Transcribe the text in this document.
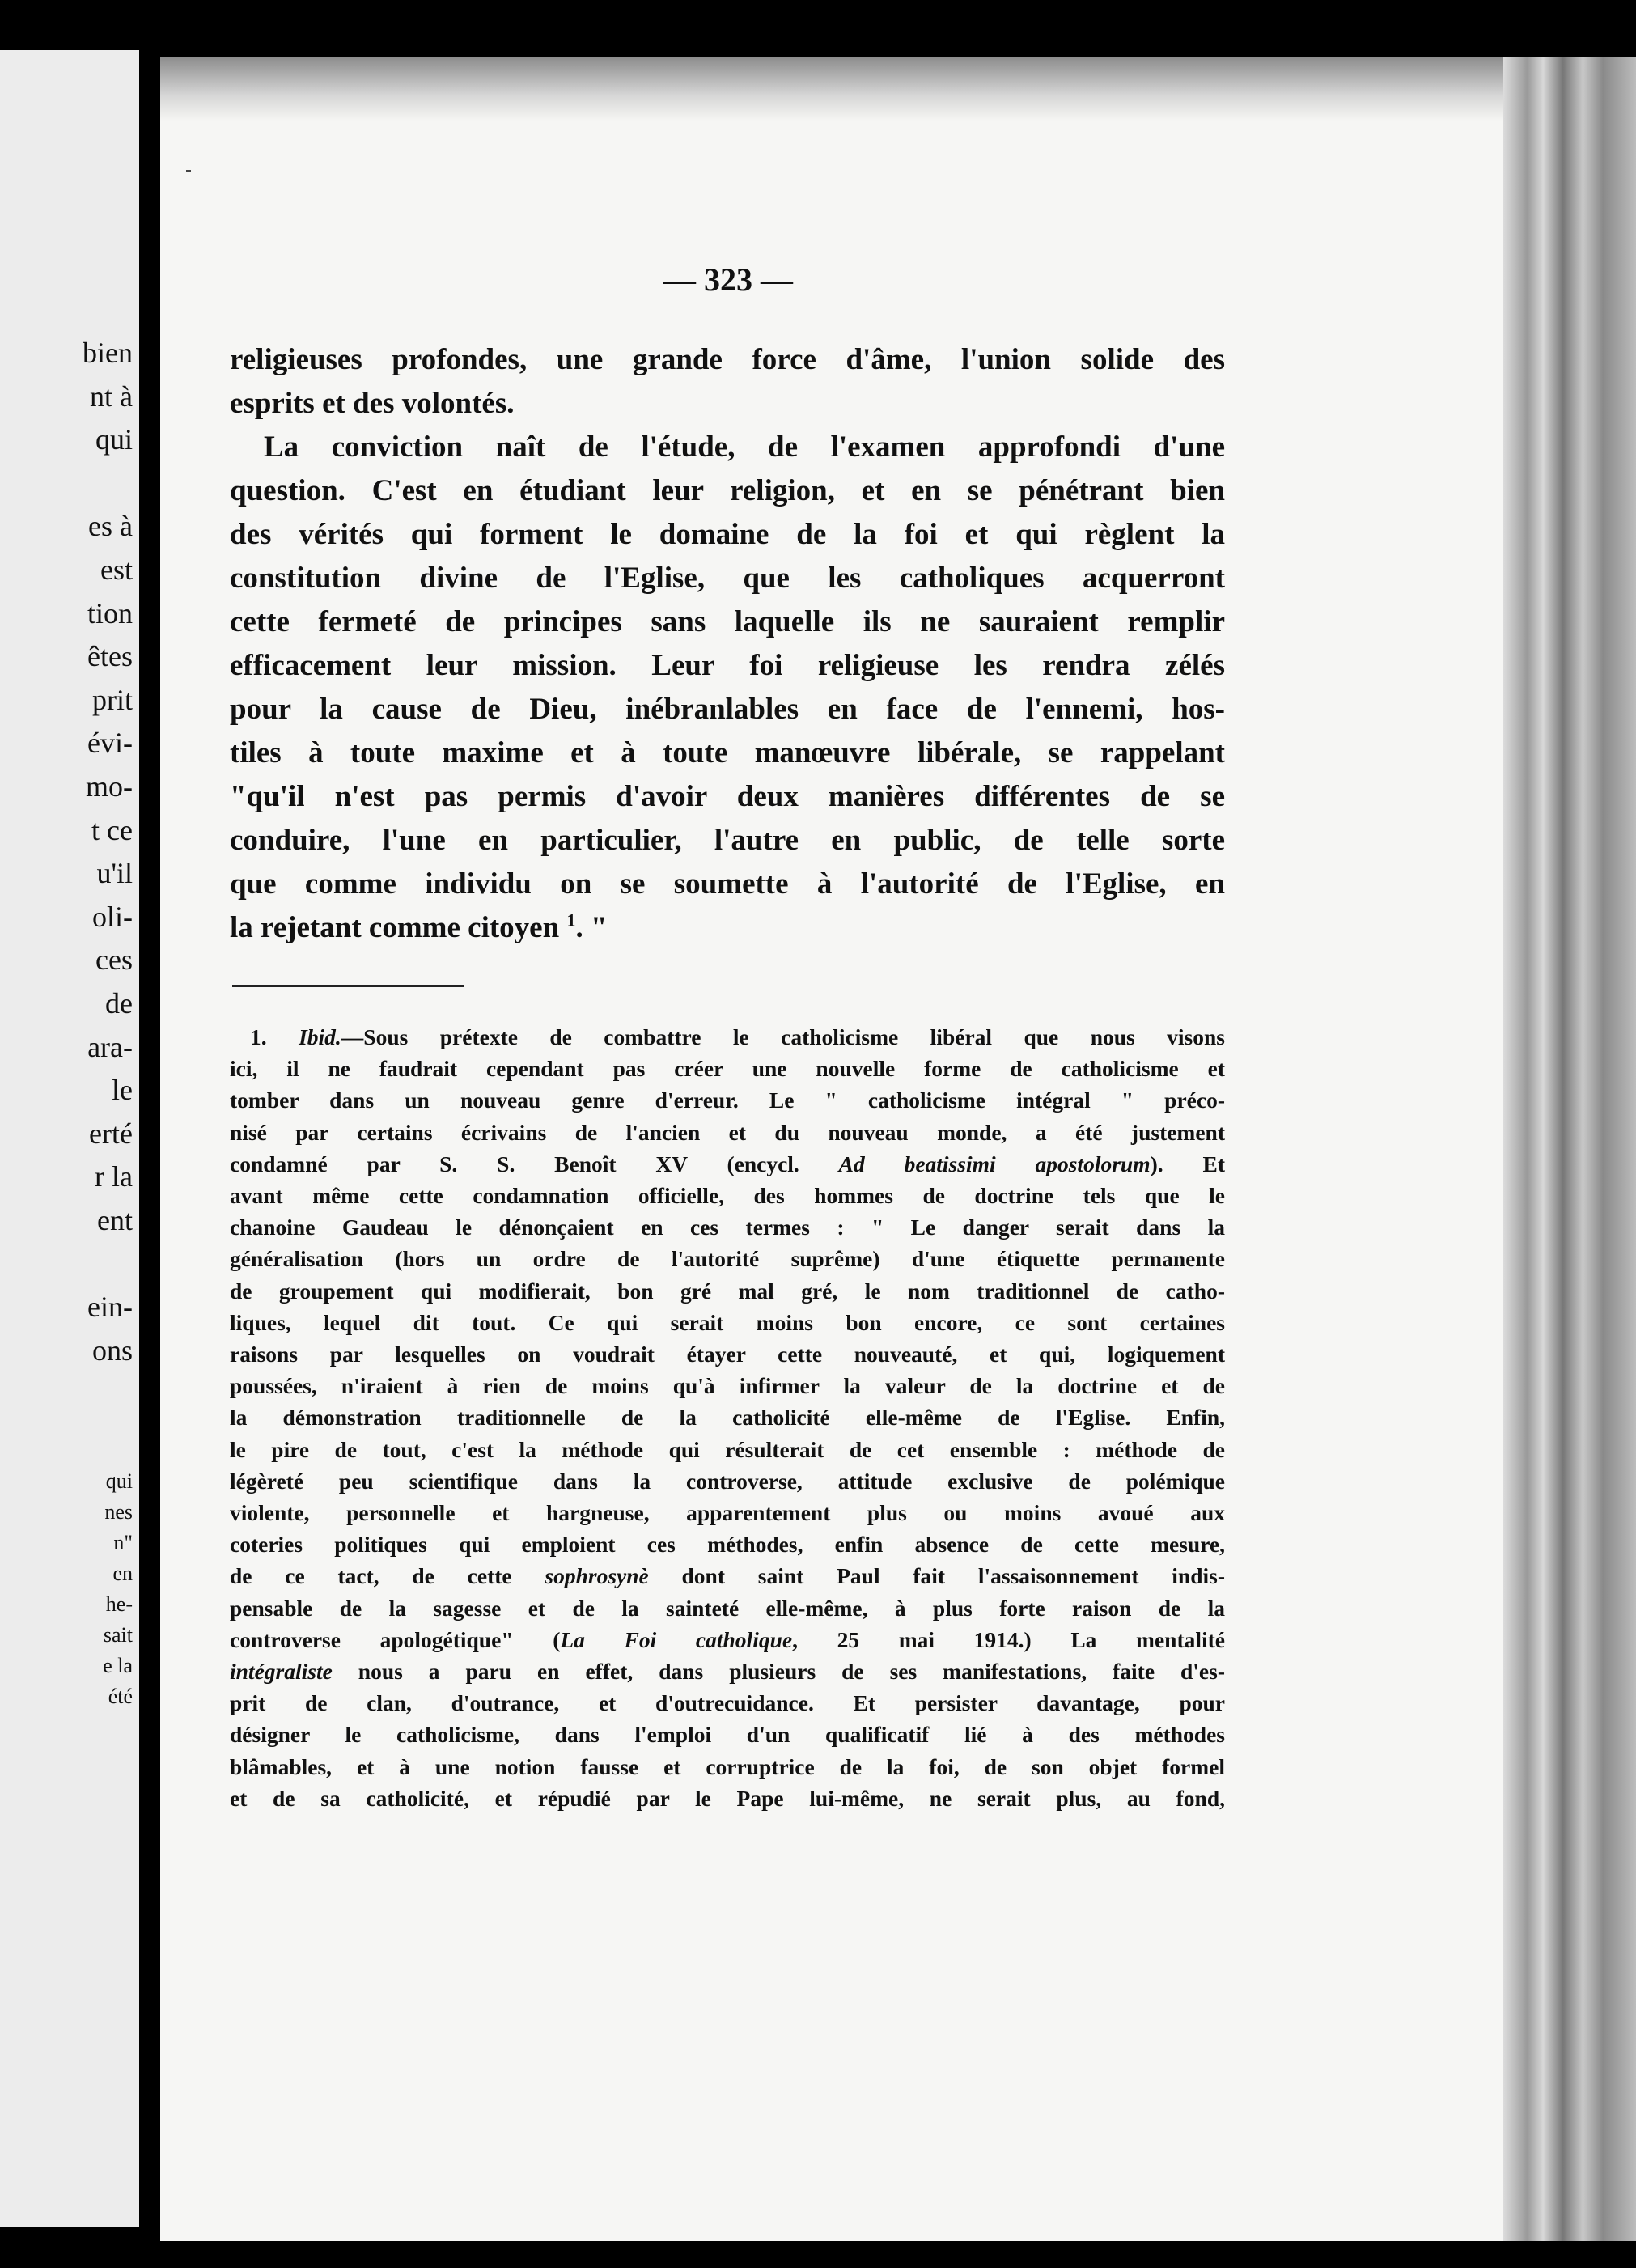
bien
nt à
qui

es à
est
tion
êtes
prit
évi-
mo-
t ce
u'il
oli-
ces
de
ara-
le
erté
r la
ent

ein-
ons
qui
nes
n"
en
he-
sait
e la
été
— 323 —
religieuses profondes, une grande force d'âme, l'union solide des
esprits et des volontés.
La conviction naît de l'étude, de l'examen approfondi d'une
question. C'est en étudiant leur religion, et en se pénétrant bien
des vérités qui forment le domaine de la foi et qui règlent la
constitution divine de l'Eglise, que les catholiques acquerront
cette fermeté de principes sans laquelle ils ne sauraient remplir
efficacement leur mission. Leur foi religieuse les rendra zélés
pour la cause de Dieu, inébranlables en face de l'ennemi, hos-
tiles à toute maxime et à toute manœuvre libérale, se rappelant
"qu'il n'est pas permis d'avoir deux manières différentes de se
conduire, l'une en particulier, l'autre en public, de telle sorte
que comme individu on se soumette à l'autorité de l'Eglise, en
la rejetant comme citoyen $^1$. "
1. Ibid.—Sous prétexte de combattre le catholicisme libéral que nous visons
ici, il ne faudrait cependant pas créer une nouvelle forme de catholicisme et
tomber dans un nouveau genre d'erreur. Le " catholicisme intégral " préco-
nisé par certains écrivains de l'ancien et du nouveau monde, a été justement
condamné par S. S. Benoît XV (encycl. Ad beatissimi apostolorum). Et
avant même cette condamnation officielle, des hommes de doctrine tels que le
chanoine Gaudeau le dénonçaient en ces termes : " Le danger serait dans la
généralisation (hors un ordre de l'autorité suprême) d'une étiquette permanente
de groupement qui modifierait, bon gré mal gré, le nom traditionnel de catho-
liques, lequel dit tout. Ce qui serait moins bon encore, ce sont certaines
raisons par lesquelles on voudrait étayer cette nouveauté, et qui, logiquement
poussées, n'iraient à rien de moins qu'à infirmer la valeur de la doctrine et de
la démonstration traditionnelle de la catholicité elle-même de l'Eglise. Enfin,
le pire de tout, c'est la méthode qui résulterait de cet ensemble : méthode de
légèreté peu scientifique dans la controverse, attitude exclusive de polémique
violente, personnelle et hargneuse, apparentement plus ou moins avoué aux
coteries politiques qui emploient ces méthodes, enfin absence de cette mesure,
de ce tact, de cette sophrosynè dont saint Paul fait l'assaisonnement indis-
pensable de la sagesse et de la sainteté elle-même, à plus forte raison de la
controverse apologétique" (La Foi catholique, 25 mai 1914.) La mentalité
intégraliste nous a paru en effet, dans plusieurs de ses manifestations, faite d'es-
prit de clan, d'outrance, et d'outrecuidance. Et persister davantage, pour
désigner le catholicisme, dans l'emploi d'un qualificatif lié à des méthodes
blâmables, et à une notion fausse et corruptrice de la foi, de son objet formel
et de sa catholicité, et répudié par le Pape lui-même, ne serait plus, au fond,
